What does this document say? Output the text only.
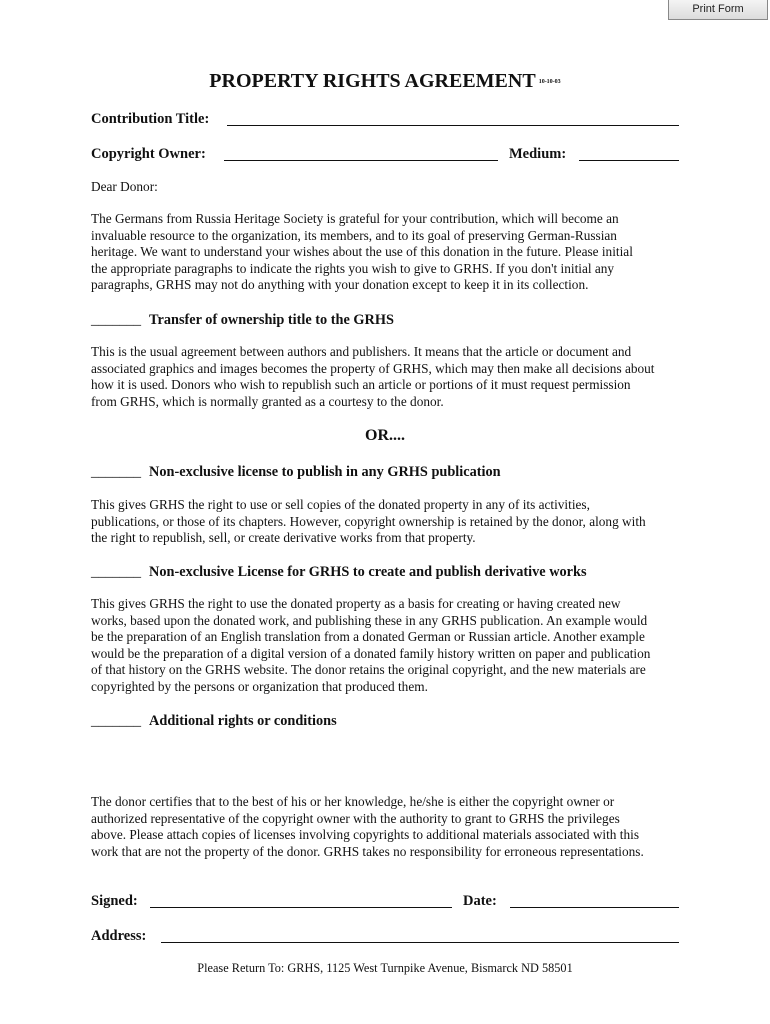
Print Form
PROPERTY RIGHTS AGREEMENT 10-10-03
Contribution Title:
Copyright Owner:	Medium:
Dear Donor:
The Germans from Russia Heritage Society is grateful for your contribution, which will become an
invaluable resource to the organization, its members, and to its goal of preserving German-Russian
heritage. We want to understand your wishes about the use of this donation in the future. Please initial
the appropriate paragraphs to indicate the rights you wish to give to GRHS. If you don't initial any
paragraphs, GRHS may not do anything with your donation except to keep it in its collection.
_______ Transfer of ownership title to the GRHS
This is the usual agreement between authors and publishers. It means that the article or document and
associated graphics and images becomes the property of GRHS, which may then make all decisions about
how it is used. Donors who wish to republish such an article or portions of it must request permission
from GRHS, which is normally granted as a courtesy to the donor.
OR....
_______ Non-exclusive license to publish in any GRHS publication
This gives GRHS the right to use or sell copies of the donated property in any of its activities,
publications, or those of its chapters. However, copyright ownership is retained by the donor, along with
the right to republish, sell, or create derivative works from that property.
_______ Non-exclusive License for GRHS to create and publish derivative works
This gives GRHS the right to use the donated property as a basis for creating or having created new
works, based upon the donated work, and publishing these in any GRHS publication. An example would
be the preparation of an English translation from a donated German or Russian article. Another example
would be the preparation of a digital version of a donated family history written on paper and publication
of that history on the GRHS website. The donor retains the original copyright, and the new materials are
copyrighted by the persons or organization that produced them.
_______ Additional rights or conditions
The donor certifies that to the best of his or her knowledge, he/she is either the copyright owner or
authorized representative of the copyright owner with the authority to grant to GRHS the privileges
above. Please attach copies of licenses involving copyrights to additional materials associated with this
work that are not the property of the donor. GRHS takes no responsibility for erroneous representations.
Signed:	Date:
Address:
Please Return To: GRHS, 1125 West Turnpike Avenue, Bismarck ND 58501
